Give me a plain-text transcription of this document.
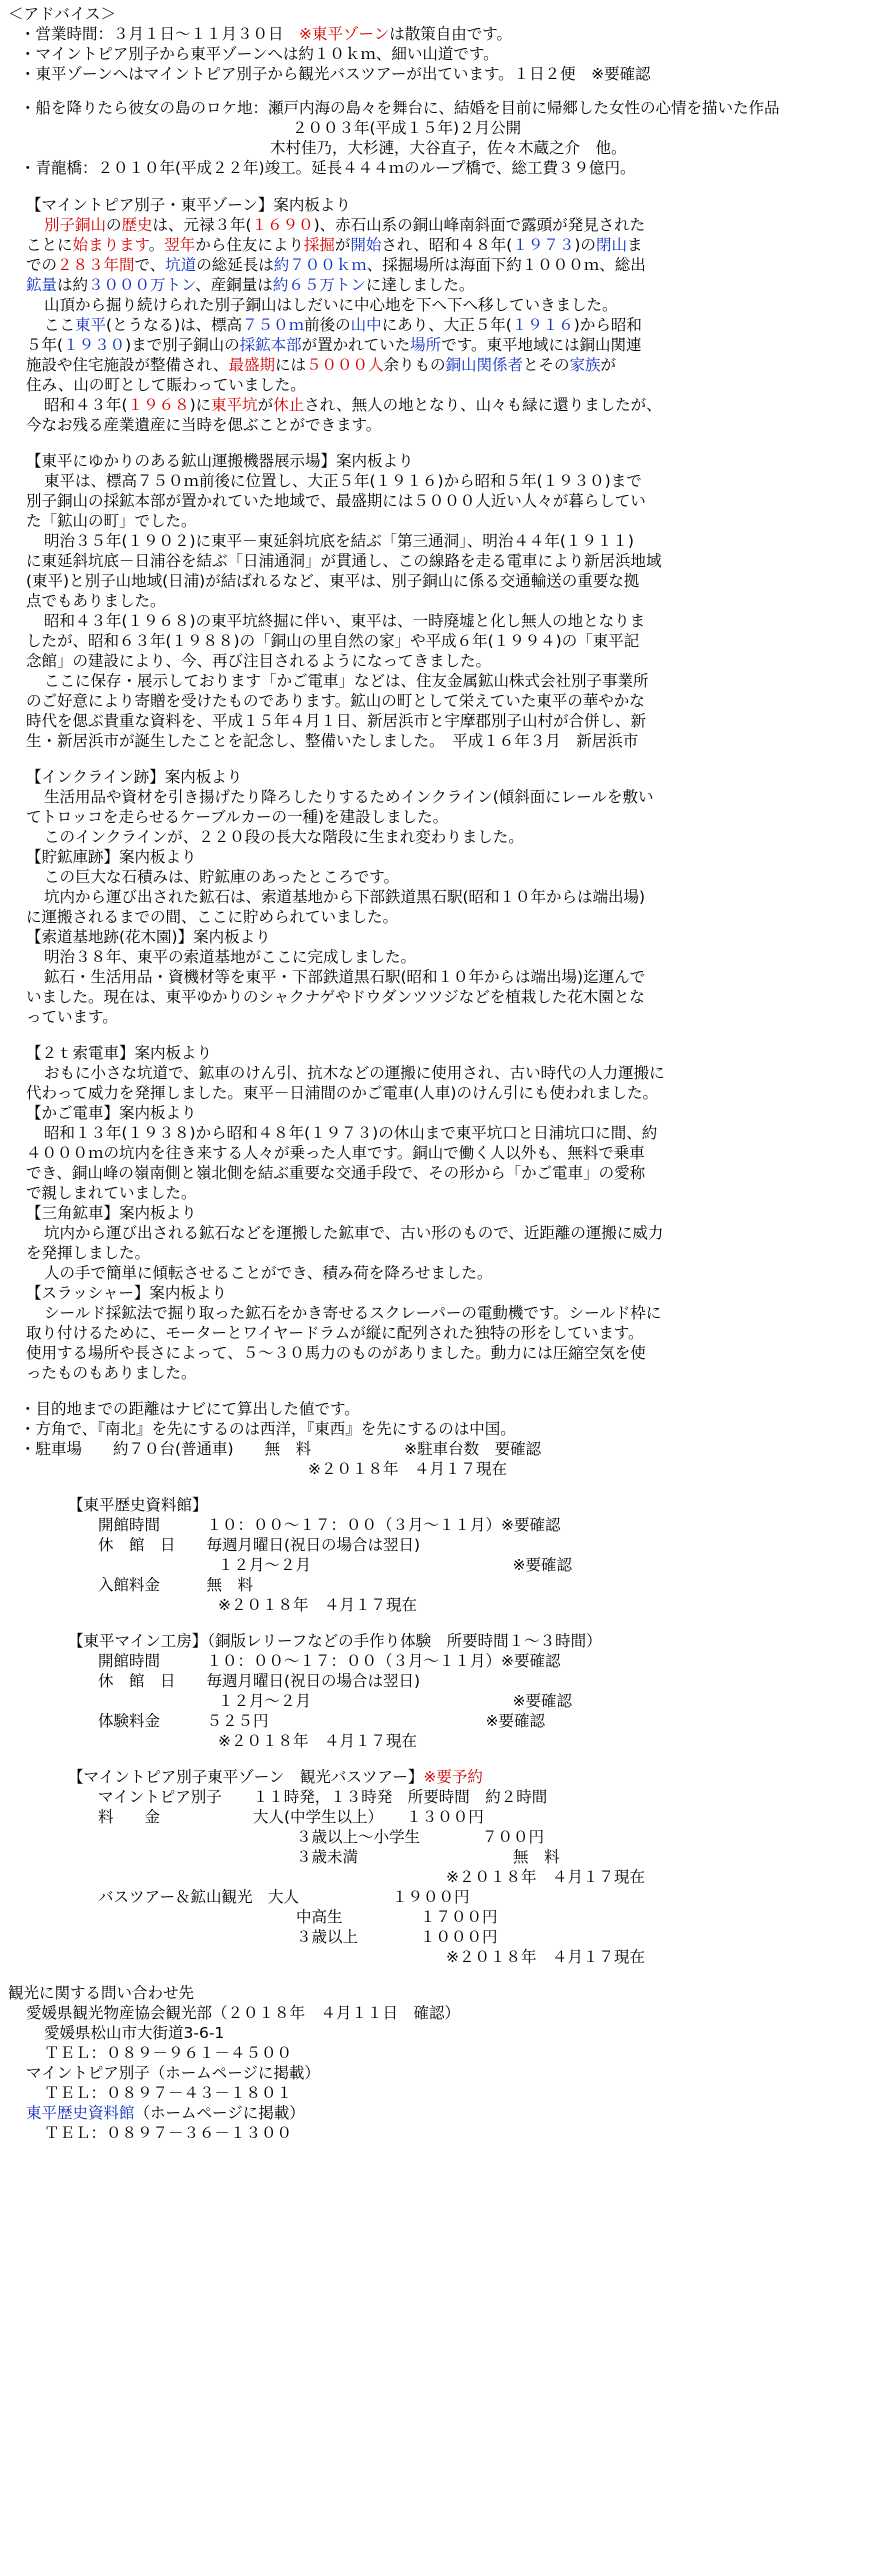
＜アドバイス＞
・営業時間：３月１日～１１月３０日　※東平ゾーンは散策自由です。
・マイントピア別子から東平ゾーンへは約１０ｋｍ、細い山道です。
・東平ゾーンへはマイントピア別子から観光バスツアーが出ています。１日２便　※要確認
・船を降りたら彼女の島のロケ地：瀬戸内海の島々を舞台に、結婚を目前に帰郷した女性の心情を描いた作品
２００３年(平成１５年)２月公開
木村佳乃，大杉漣，大谷直子，佐々木蔵之介　他。
・青龍橋：２０１０年(平成２２年)竣工。延長４４４ｍのループ橋で、総工費３９億円。
【マイントピア別子・東平ゾーン】案内板より
別子銅山の歴史は、元禄３年(１６９０)、赤石山系の銅山峰南斜面で露頭が発見された
ことに始まります。翌年から住友により採掘が開始され、昭和４８年(１９７３)の閉山ま
での２８３年間で、坑道の総延長は約７００ｋｍ、採掘場所は海面下約１０００ｍ、総出
鉱量は約３０００万トン、産銅量は約６５万トンに達しました。
山頂から掘り続けられた別子銅山はしだいに中心地を下へ下へ移していきました。
ここ東平(とうなる)は、標高７５０ｍ前後の山中にあり、大正５年(１９１６)から昭和
５年(１９３０)まで別子銅山の採鉱本部が置かれていた場所です。東平地域には銅山関連
施設や住宅施設が整備され、最盛期には５０００人余りもの銅山関係者とその家族が
住み、山の町として賑わっていました。
昭和４３年(１９６８)に東平坑が休止され、無人の地となり、山々も緑に還りましたが、
今なお残る産業遺産に当時を偲ぶことができます。
【東平にゆかりのある鉱山運搬機器展示場】案内板より
東平は、標高７５０ｍ前後に位置し、大正５年(１９１６)から昭和５年(１９３０)まで
別子銅山の採鉱本部が置かれていた地域で、最盛期には５０００人近い人々が暮らしてい
た「鉱山の町」でした。
明治３５年(１９０２)に東平－東延斜坑底を結ぶ「第三通洞」、明治４４年(１９１１)
に東延斜坑底－日浦谷を結ぶ「日浦通洞」が貫通し、この線路を走る電車により新居浜地域
(東平)と別子山地域(日浦)が結ばれるなど、東平は、別子銅山に係る交通輸送の重要な拠
点でもありました。
昭和４３年(１９６８)の東平坑終掘に伴い、東平は、一時廃墟と化し無人の地となりま
したが、昭和６３年(１９８８)の「銅山の里自然の家」や平成６年(１９９４)の「東平記
念館」の建設により、今、再び注目されるようになってきました。
ここに保存・展示しております「かご電車」などは、住友金属鉱山株式会社別子事業所
のご好意により寄贈を受けたものであります。鉱山の町として栄えていた東平の華やかな
時代を偲ぶ貴重な資料を、平成１５年４月１日、新居浜市と宇摩郡別子山村が合併し、新
生・新居浜市が誕生したことを記念し、整備いたしました。　平成１６年３月　新居浜市
【インクライン跡】案内板より
生活用品や資材を引き揚げたり降ろしたりするためインクライン(傾斜面にレールを敷い
てトロッコを走らせるケーブルカーの一種)を建設しました。
このインクラインが、２２０段の長大な階段に生まれ変わりました。
【貯鉱庫跡】案内板より
この巨大な石積みは、貯鉱庫のあったところです。
坑内から運び出された鉱石は、索道基地から下部鉄道黒石駅(昭和１０年からは端出場)
に運搬されるまでの間、ここに貯められていました。
【索道基地跡(花木園)】案内板より
明治３８年、東平の索道基地がここに完成しました。
鉱石・生活用品・資機材等を東平・下部鉄道黒石駅(昭和１０年からは端出場)迄運んで
いました。現在は、東平ゆかりのシャクナゲやドウダンツツジなどを植栽した花木園とな
っています。
【２ｔ索電車】案内板より
おもに小さな坑道で、鉱車のけん引、抗木などの運搬に使用され、古い時代の人力運搬に
代わって威力を発揮しました。東平－日浦間のかご電車(人車)のけん引にも使われました。
【かご電車】案内板より
昭和１３年(１９３８)から昭和４８年(１９７３)の休山まで東平坑口と日浦坑口に間、約
４０００ｍの坑内を往き来する人々が乗った人車です。銅山で働く人以外も、無料で乗車
でき、銅山峰の嶺南側と嶺北側を結ぶ重要な交通手段で、その形から「かご電車」の愛称
で親しまれていました。
【三角鉱車】案内板より
坑内から運び出される鉱石などを運搬した鉱車で、古い形のもので、近距離の運搬に威力
を発揮しました。
人の手で簡単に傾転させることができ、積み荷を降ろせました。
【スラッシャー】案内板より
シールド採鉱法で掘り取った鉱石をかき寄せるスクレーパーの電動機です。シールド枠に
取り付けるために、モーターとワイヤードラムが縦に配列された独特の形をしています。
使用する場所や長さによって、５～３０馬力のものがありました。動力には圧縮空気を使
ったものもありました。
・目的地までの距離はナビにて算出した値です。
・方角で、『南北』を先にするのは西洋，『東西』を先にするのは中国。
・駐車場　　約７０台(普通車)　　無　料　　　　　　※駐車台数　要確認
※２０１８年　４月１７現在
【東平歴史資料館】
開館時間　　　１０：００～１７：００（３月～１１月）※要確認
休　館　日　　毎週月曜日(祝日の場合は翌日)
１２月～２月　　　　　　　　　　　　　※要確認
入館料金　　　無　料
※２０１８年　４月１７現在
【東平マイン工房】（銅版レリーフなどの手作り体験　所要時間１～３時間）
開館時間　　　１０：００～１７：００（３月～１１月）※要確認
休　館　日　　毎週月曜日(祝日の場合は翌日)
１２月～２月　　　　　　　　　　　　　※要確認
体験料金　　　５２５円　　　　　　　　　　　　　　※要確認
※２０１８年　４月１７現在
【マイントピア別子東平ゾーン　観光バスツアー】※要予約
マイントピア別子　　１１時発，１３時発　所要時間　約２時間
料　　金　　　　　　大人(中学生以上）　　１３００円
３歳以上～小学生　　　　７００円
３歳未満　　　　　　　　　　無　料
※２０１８年　４月１７現在
バスツアー＆鉱山観光　大人　　　　　　１９００円
中高生　　　　　１７００円
３歳以上　　　　１０００円
※２０１８年　４月１７現在
観光に関する問い合わせ先
愛媛県観光物産協会観光部（２０１８年　４月１１日　確認）
愛媛県松山市大街道3-6-1
ＴＥＬ：０８９－９６１－４５００
マイントピア別子（ホームページに掲載）
ＴＥＬ：０８９７－４３－１８０１
東平歴史資料館（ホームページに掲載）
ＴＥＬ：０８９７－３６－１３００
